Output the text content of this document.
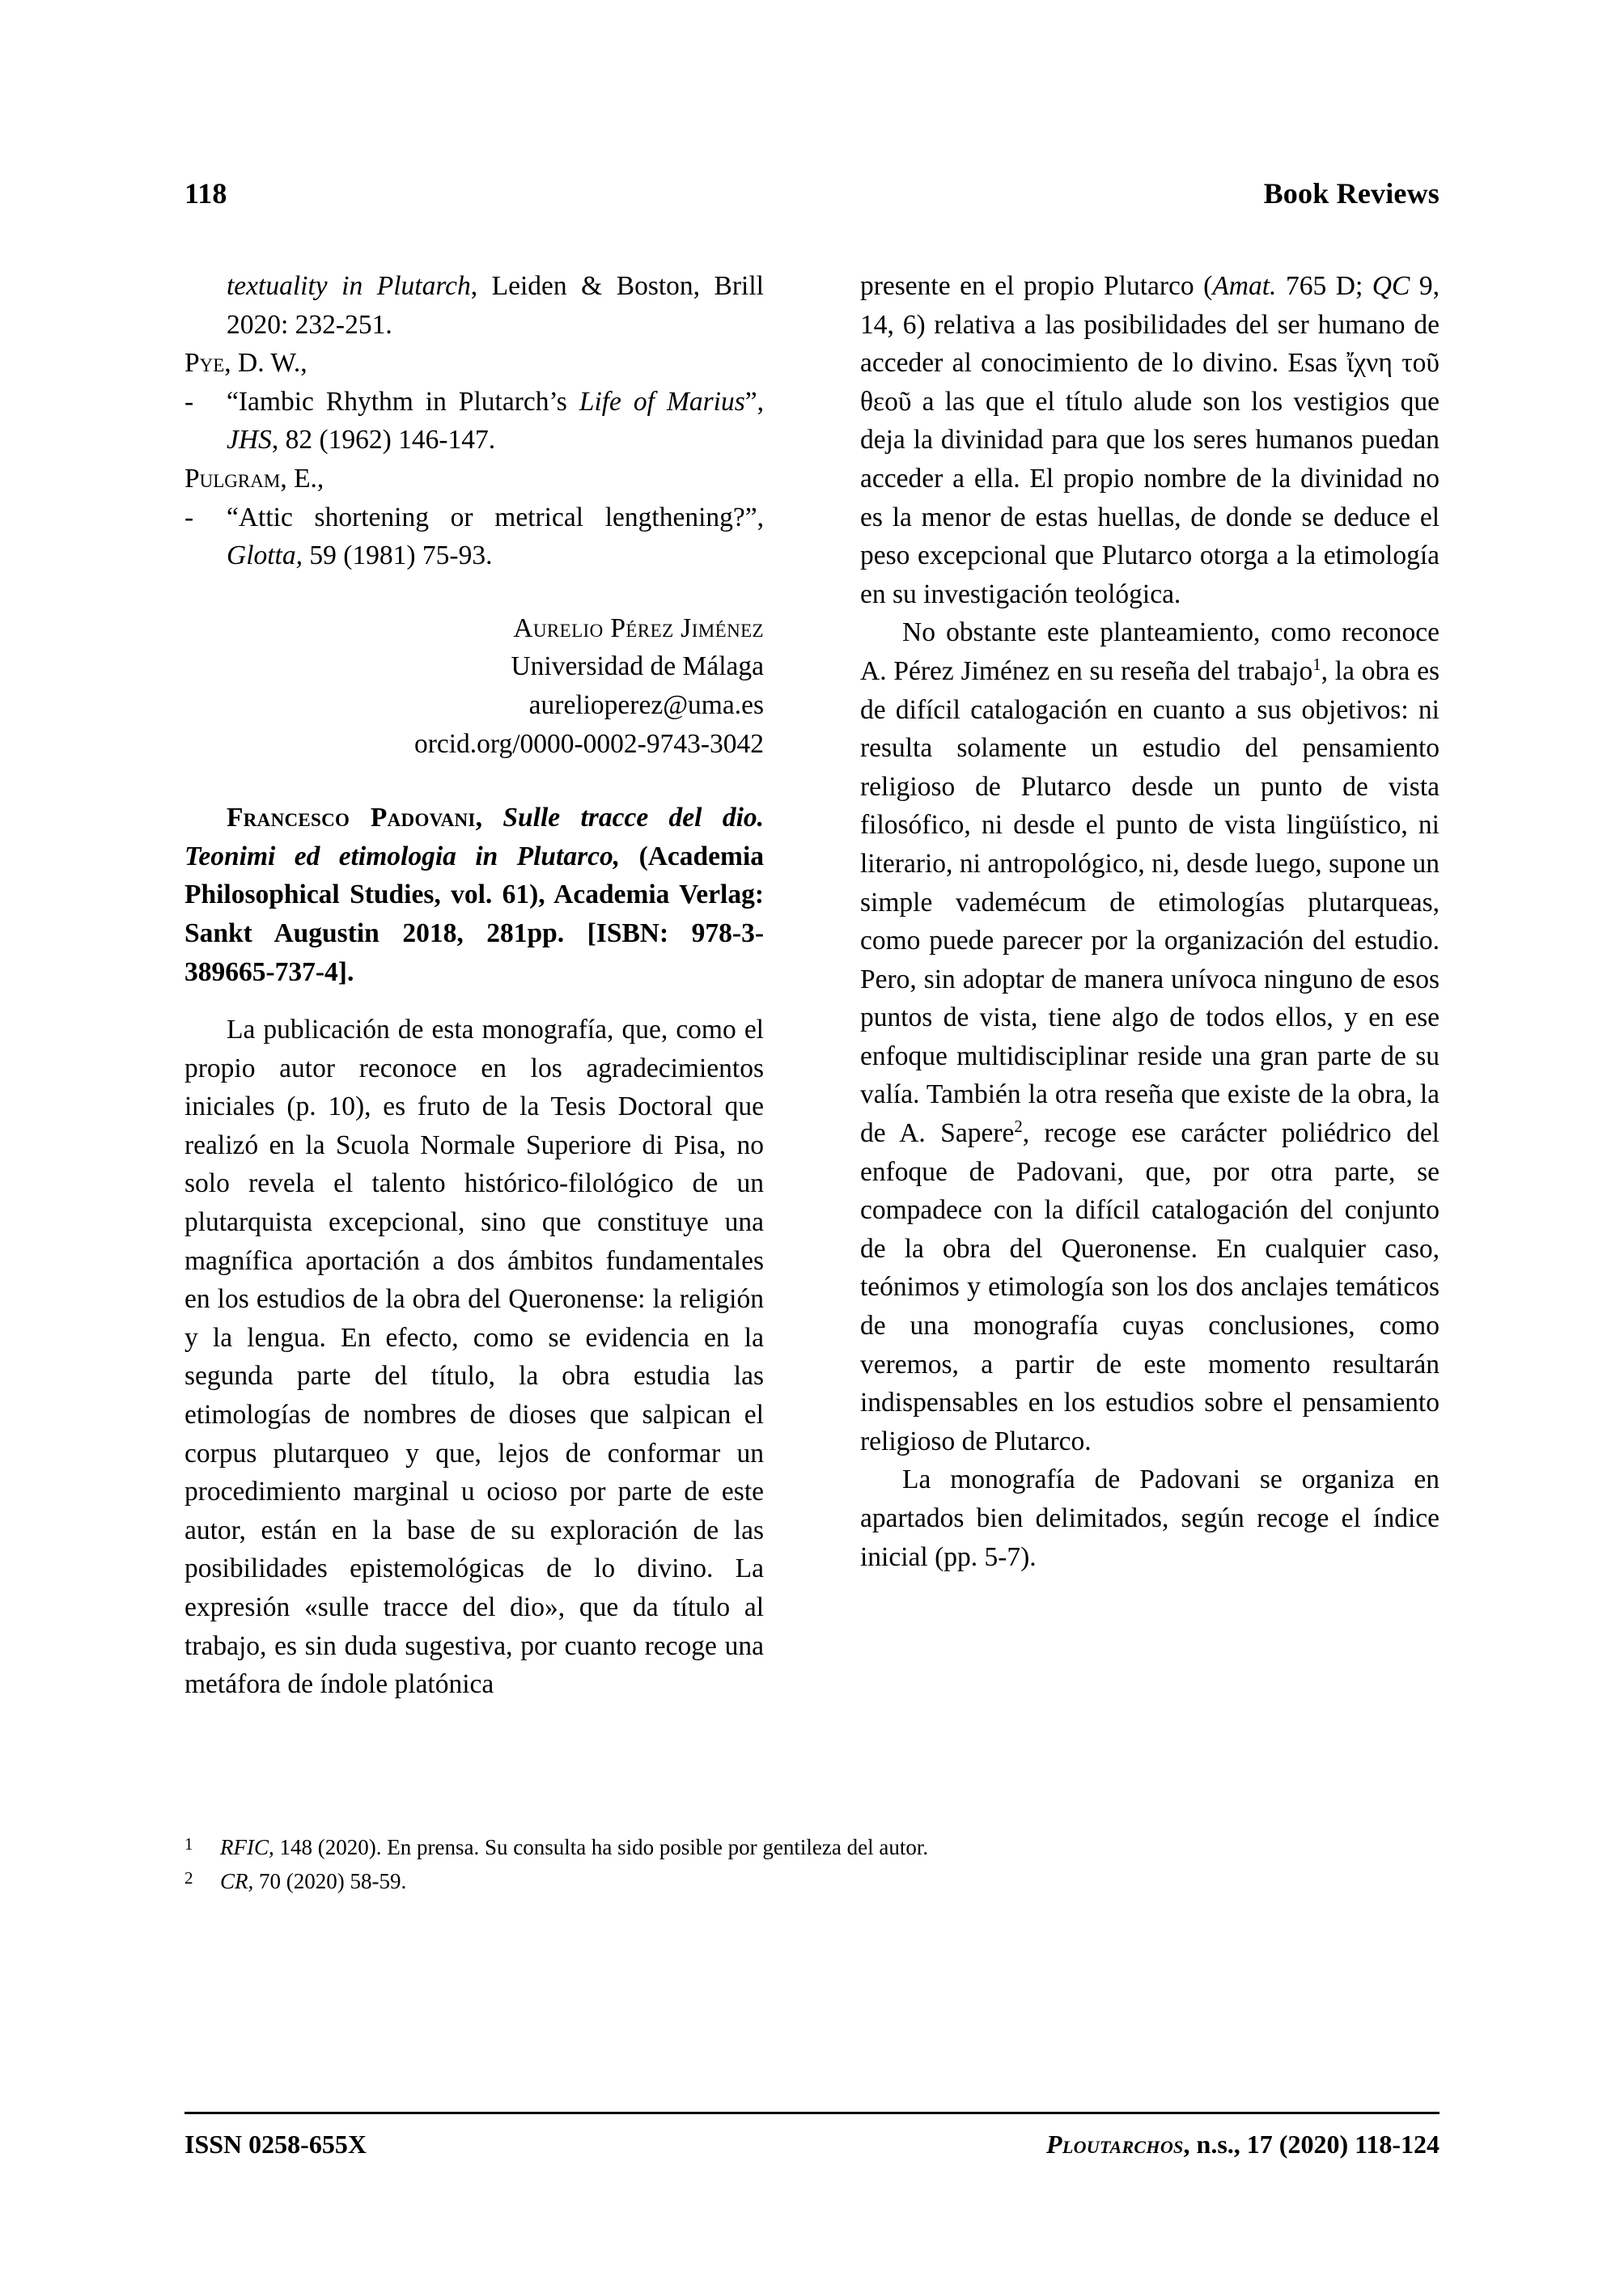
118	Book Reviews
textuality in Plutarch, Leiden & Boston, Brill 2020: 232-251.
Pye, D. W.,
-	“Iambic Rhythm in Plutarch’s Life of Marius”, JHS, 82 (1962) 146-147.
Pulgram, E.,
-	“Attic shortening or metrical lengthening?”, Glotta, 59 (1981) 75-93.
Aurelio Pérez Jiménez
Universidad de Málaga
aurelioperez@uma.es
orcid.org/0000-0002-9743-3042
Francesco Padovani, Sulle tracce del dio. Teonimi ed etimologia in Plutarco, (Academia Philosophical Studies, vol. 61), Academia Verlag: Sankt Augustin 2018, 281pp. [ISBN: 978-3-389665-737-4].

La publicación de esta monografía, que, como el propio autor reconoce en los agradecimientos iniciales (p. 10), es fruto de la Tesis Doctoral que realizó en la Scuola Normale Superiore di Pisa, no solo revela el talento histórico-filológico de un plutarquista excepcional, sino que constituye una magnífica aportación a dos ámbitos fundamentales en los estudios de la obra del Queronense: la religión y la lengua. En efecto, como se evidencia en la segunda parte del título, la obra estudia las etimologías de nombres de dioses que salpican el corpus plutarqueo y que, lejos de conformar un procedimiento marginal u ocioso por parte de este autor, están en la base de su exploración de las posibilidades epistemológicas de lo divino. La expresión «sulle tracce del dio», que da título al trabajo, es sin duda sugestiva, por cuanto recoge una metáfora de índole platónica

presente en el propio Plutarco (Amat. 765 D; QC 9, 14, 6) relativa a las posibilidades del ser humano de acceder al conocimiento de lo divino. Esas ἴχνη τοῦ θεοῦ a las que el título alude son los vestigios que deja la divinidad para que los seres humanos puedan acceder a ella. El propio nombre de la divinidad no es la menor de estas huellas, de donde se deduce el peso excepcional que Plutarco otorga a la etimología en su investigación teológica.

No obstante este planteamiento, como reconoce A. Pérez Jiménez en su reseña del trabajo$^1$, la obra es de difícil catalogación en cuanto a sus objetivos: ni resulta solamente un estudio del pensamiento religioso de Plutarco desde un punto de vista filosófico, ni desde el punto de vista lingüístico, ni literario, ni antropológico, ni, desde luego, supone un simple vademécum de etimologías plutarqueas, como puede parecer por la organización del estudio. Pero, sin adoptar de manera unívoca ninguno de esos puntos de vista, tiene algo de todos ellos, y en ese enfoque multidisciplinar reside una gran parte de su valía. También la otra reseña que existe de la obra, la de A. Sapere$^2$, recoge ese carácter poliédrico del enfoque de Padovani, que, por otra parte, se compadece con la difícil catalogación del conjunto de la obra del Queronense. En cualquier caso, teónimos y etimología son los dos anclajes temáticos de una monografía cuyas conclusiones, como veremos, a partir de este momento resultarán indispensables en los estudios sobre el pensamiento religioso de Plutarco.

La monografía de Padovani se organiza en apartados bien delimitados, según recoge el índice inicial (pp. 5-7).

1	RFIC, 148 (2020). En prensa. Su consulta ha sido posible por gentileza del autor.
2	CR, 70 (2020) 58-59.
ISSN 0258-655X	Ploutarchos, n.s., 17 (2020) 118-124
